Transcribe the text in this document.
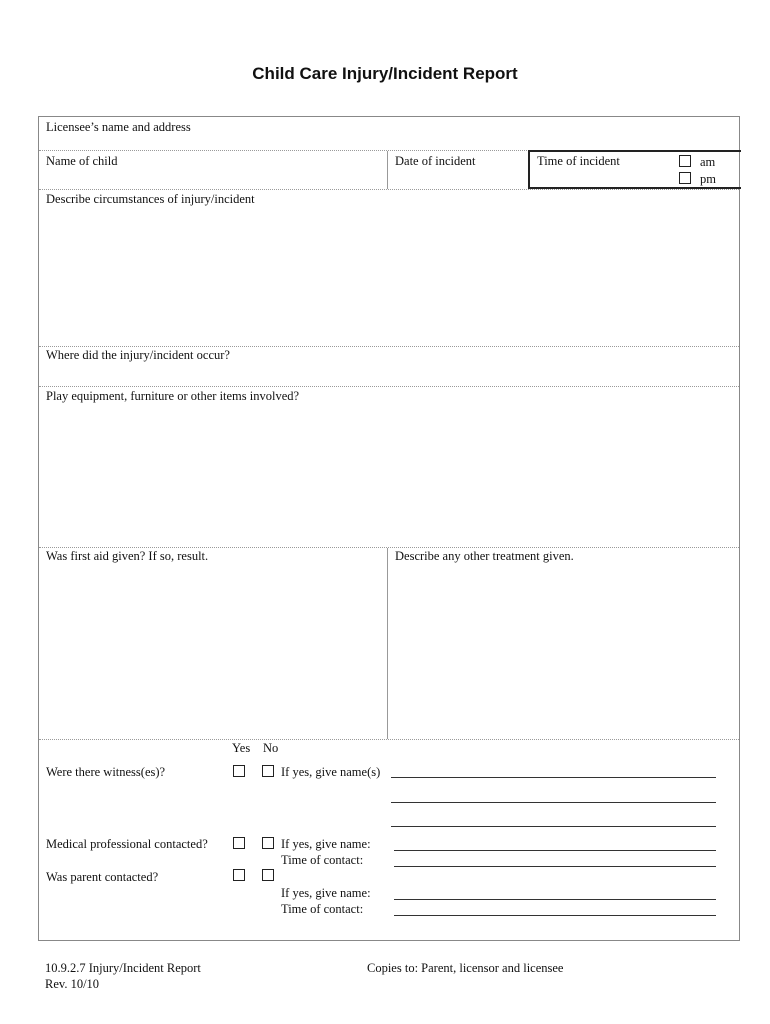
Child Care Injury/Incident Report
Licensee’s name and address
Name of child	Date of incident	Time of incident	am
pm
Describe circumstances of injury/incident
Where did the injury/incident occur?
Play equipment, furniture or other items involved?
Was first aid given? If so, result.	Describe any other treatment given.
Yes No
Were there witness(es)?	If yes, give name(s)
Medical professional contacted?	If yes, give name:
Time of contact:
Was parent contacted?
If yes, give name:
Time of contact:
10.9.2.7 Injury/Incident Report
Rev. 10/10
Copies to: Parent, licensor and licensee
